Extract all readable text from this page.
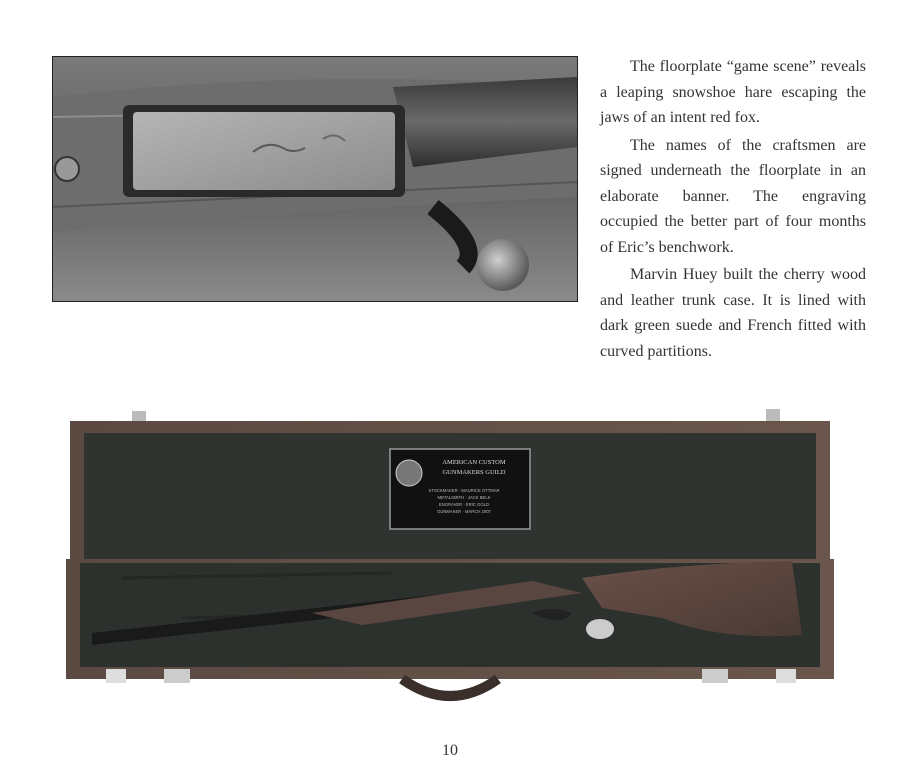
The floorplate “game scene” reveals a leaping snowshoe hare escaping the jaws of an intent red fox.

The names of the craftsmen are signed underneath the floorplate in an elaborate banner. The engraving occupied the better part of four months of Eric’s benchwork.

Marvin Huey built the cherry wood and leather trunk case. It is lined with dark green suede and French fitted with curved partitions.

AMERICAN CUSTOM
GUNMAKERS GUILD
STOCKMAKER · MAURICE OTTMAR
METALSMITH · JACK BELK
ENGRAVER · ERIC GOLD
GUNMAKER · MARCH 2007
10
